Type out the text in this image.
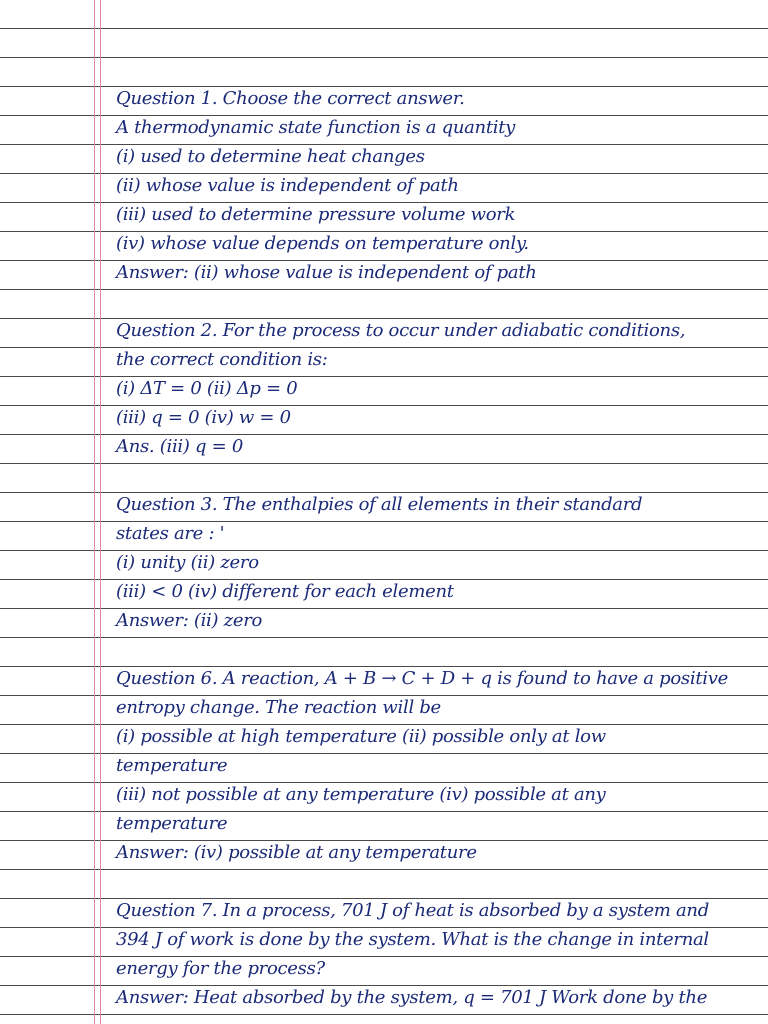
Question 1. Choose the correct answer.
A thermodynamic state function is a quantity
(i) used to determine heat changes
(ii) whose value is independent of path
(iii) used to determine pressure volume work
(iv) whose value depends on temperature only.
Answer: (ii) whose value is independent of path
Question 2. For the process to occur under adiabatic conditions,
the correct condition is:
(i) ΔT = 0 (ii) Δp = 0
(iii) q = 0 (iv) w = 0
Ans. (iii) q = 0
Question 3. The enthalpies of all elements in their standard
states are : '
(i) unity (ii) zero
(iii) < 0 (iv) different for each element
Answer: (ii) zero
Question 6. A reaction, A + B → C + D + q is found to have a positive
entropy change. The reaction will be
(i) possible at high temperature (ii) possible only at low
temperature
(iii) not possible at any temperature (iv) possible at any
temperature
Answer: (iv) possible at any temperature
Question 7. In a process, 701 J of heat is absorbed by a system and
394 J of work is done by the system. What is the change in internal
energy for the process?
Answer: Heat absorbed by the system, q = 701 J Work done by the
